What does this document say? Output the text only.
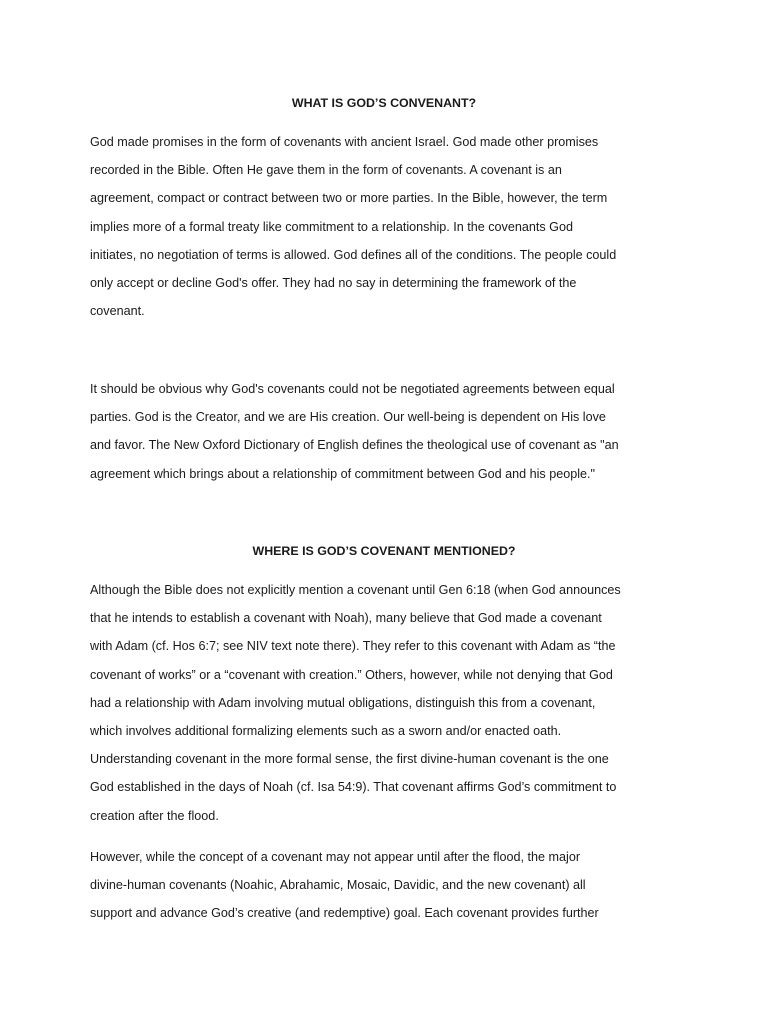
WHAT IS GOD’S CONVENANT?
God made promises in the form of covenants with ancient Israel. God made other promises
recorded in the Bible. Often He gave them in the form of covenants. A covenant is an
agreement, compact or contract between two or more parties. In the Bible, however, the term
implies more of a formal treaty like commitment to a relationship. In the covenants God
initiates, no negotiation of terms is allowed. God defines all of the conditions. The people could
only accept or decline God's offer. They had no say in determining the framework of the
covenant.
It should be obvious why God's covenants could not be negotiated agreements between equal
parties. God is the Creator, and we are His creation. Our well-being is dependent on His love
and favor. The New Oxford Dictionary of English defines the theological use of covenant as "an
agreement which brings about a relationship of commitment between God and his people."
WHERE IS GOD’S COVENANT MENTIONED?
Although the Bible does not explicitly mention a covenant until Gen 6:18 (when God announces
that he intends to establish a covenant with Noah), many believe that God made a covenant
with Adam (cf. Hos 6:7; see NIV text note there). They refer to this covenant with Adam as “the
covenant of works” or a “covenant with creation.” Others, however, while not denying that God
had a relationship with Adam involving mutual obligations, distinguish this from a covenant,
which involves additional formalizing elements such as a sworn and/or enacted oath.
Understanding covenant in the more formal sense, the first divine-human covenant is the one
God established in the days of Noah (cf. Isa 54:9). That covenant affirms God’s commitment to
creation after the flood.
However, while the concept of a covenant may not appear until after the flood, the major
divine-human covenants (Noahic, Abrahamic, Mosaic, Davidic, and the new covenant) all
support and advance God’s creative (and redemptive) goal. Each covenant provides further
